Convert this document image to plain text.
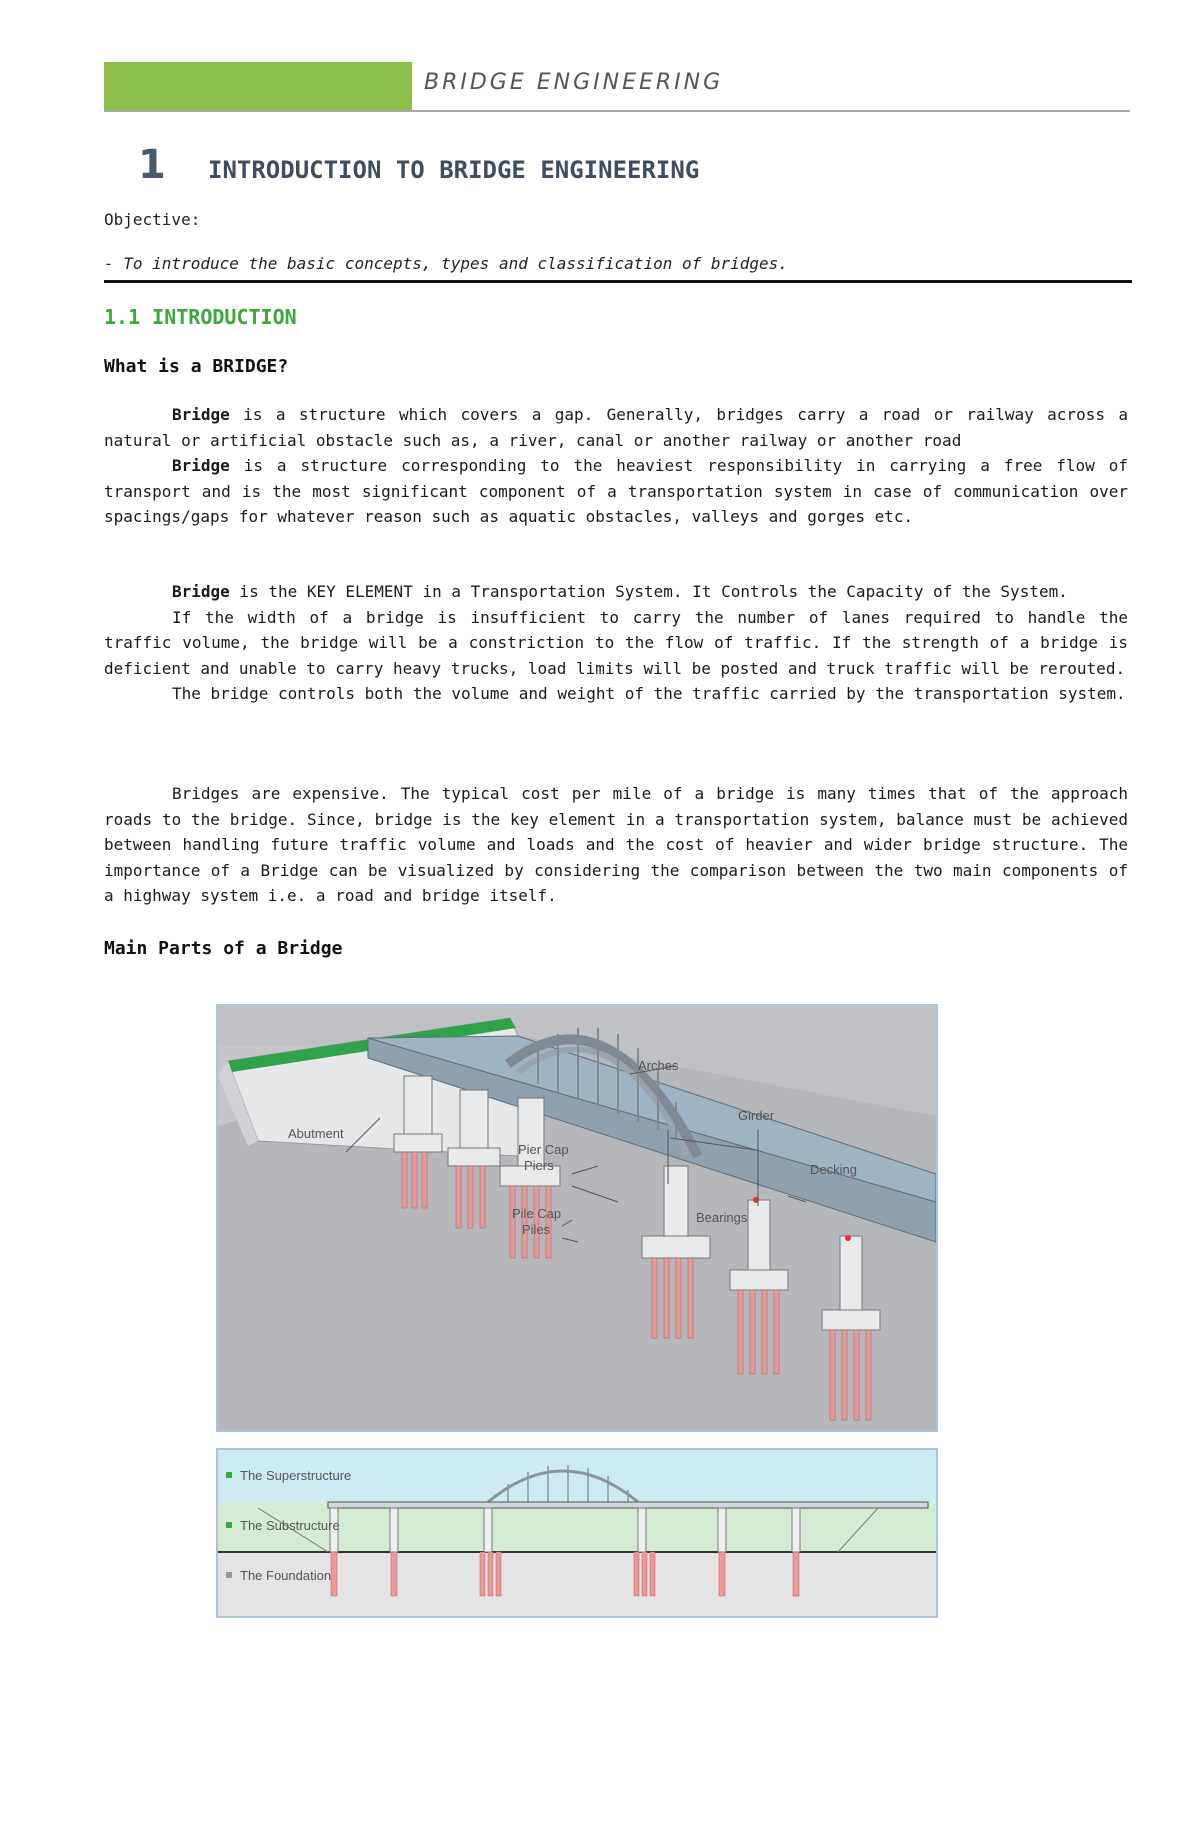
BRIDGE ENGINEERING
1 INTRODUCTION TO BRIDGE ENGINEERING
Objective:
- To introduce the basic concepts, types and classification of bridges.
1.1 INTRODUCTION
What is a BRIDGE?
Bridge is a structure which covers a gap. Generally, bridges carry a road or railway across a natural or artificial obstacle such as, a river, canal or another railway or another road
Bridge is a structure corresponding to the heaviest responsibility in carrying a free flow of transport and is the most significant component of a transportation system in case of communication over spacings/gaps for whatever reason such as aquatic obstacles, valleys and gorges etc.
Bridge is the KEY ELEMENT in a Transportation System. It Controls the Capacity of the System.
If the width of a bridge is insufficient to carry the number of lanes required to handle the traffic volume, the bridge will be a constriction to the flow of traffic. If the strength of a bridge is deficient and unable to carry heavy trucks, load limits will be posted and truck traffic will be rerouted.
The bridge controls both the volume and weight of the traffic carried by the transportation system.
Bridges are expensive. The typical cost per mile of a bridge is many times that of the approach roads to the bridge. Since, bridge is the key element in a transportation system, balance must be achieved between handling future traffic volume and loads and the cost of heavier and wider bridge structure. The importance of a Bridge can be visualized by considering the comparison between the two main components of a highway system i.e. a road and bridge itself.
Main Parts of a Bridge
Arches
Girder
Abutment
Pier Cap
Piers	Decking
Pile Cap
Piles
Bearings
The Superstructure
The Substructure
The Foundation
